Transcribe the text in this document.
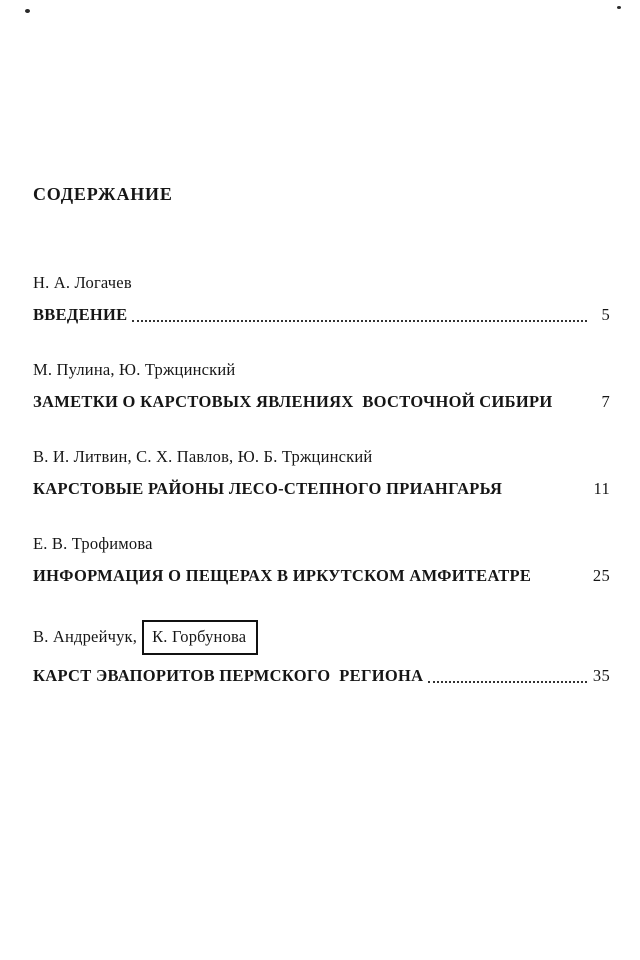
СОДЕРЖАНИЕ
Н. А. Логачев
ВВЕДЕНИЕ	5
М. Пулина, Ю. Тржцинский
ЗАМЕТКИ О КАРСТОВЫХ ЯВЛЕНИЯХ  ВОСТОЧНОЙ СИБИРИ	7
В. И. Литвин, С. Х. Павлов, Ю. Б. Тржцинский
КАРСТОВЫЕ РАЙОНЫ ЛЕСО-СТЕПНОГО ПРИАНГАРЬЯ	11
Е. В. Трофимова
ИНФОРМАЦИЯ О ПЕЩЕРАХ В ИРКУТСКОМ АМФИТЕАТРЕ	25
В. Андрейчук, К. Горбунова
КАРСТ ЭВАПОРИТОВ ПЕРМСКОГО  РЕГИОНА	35
